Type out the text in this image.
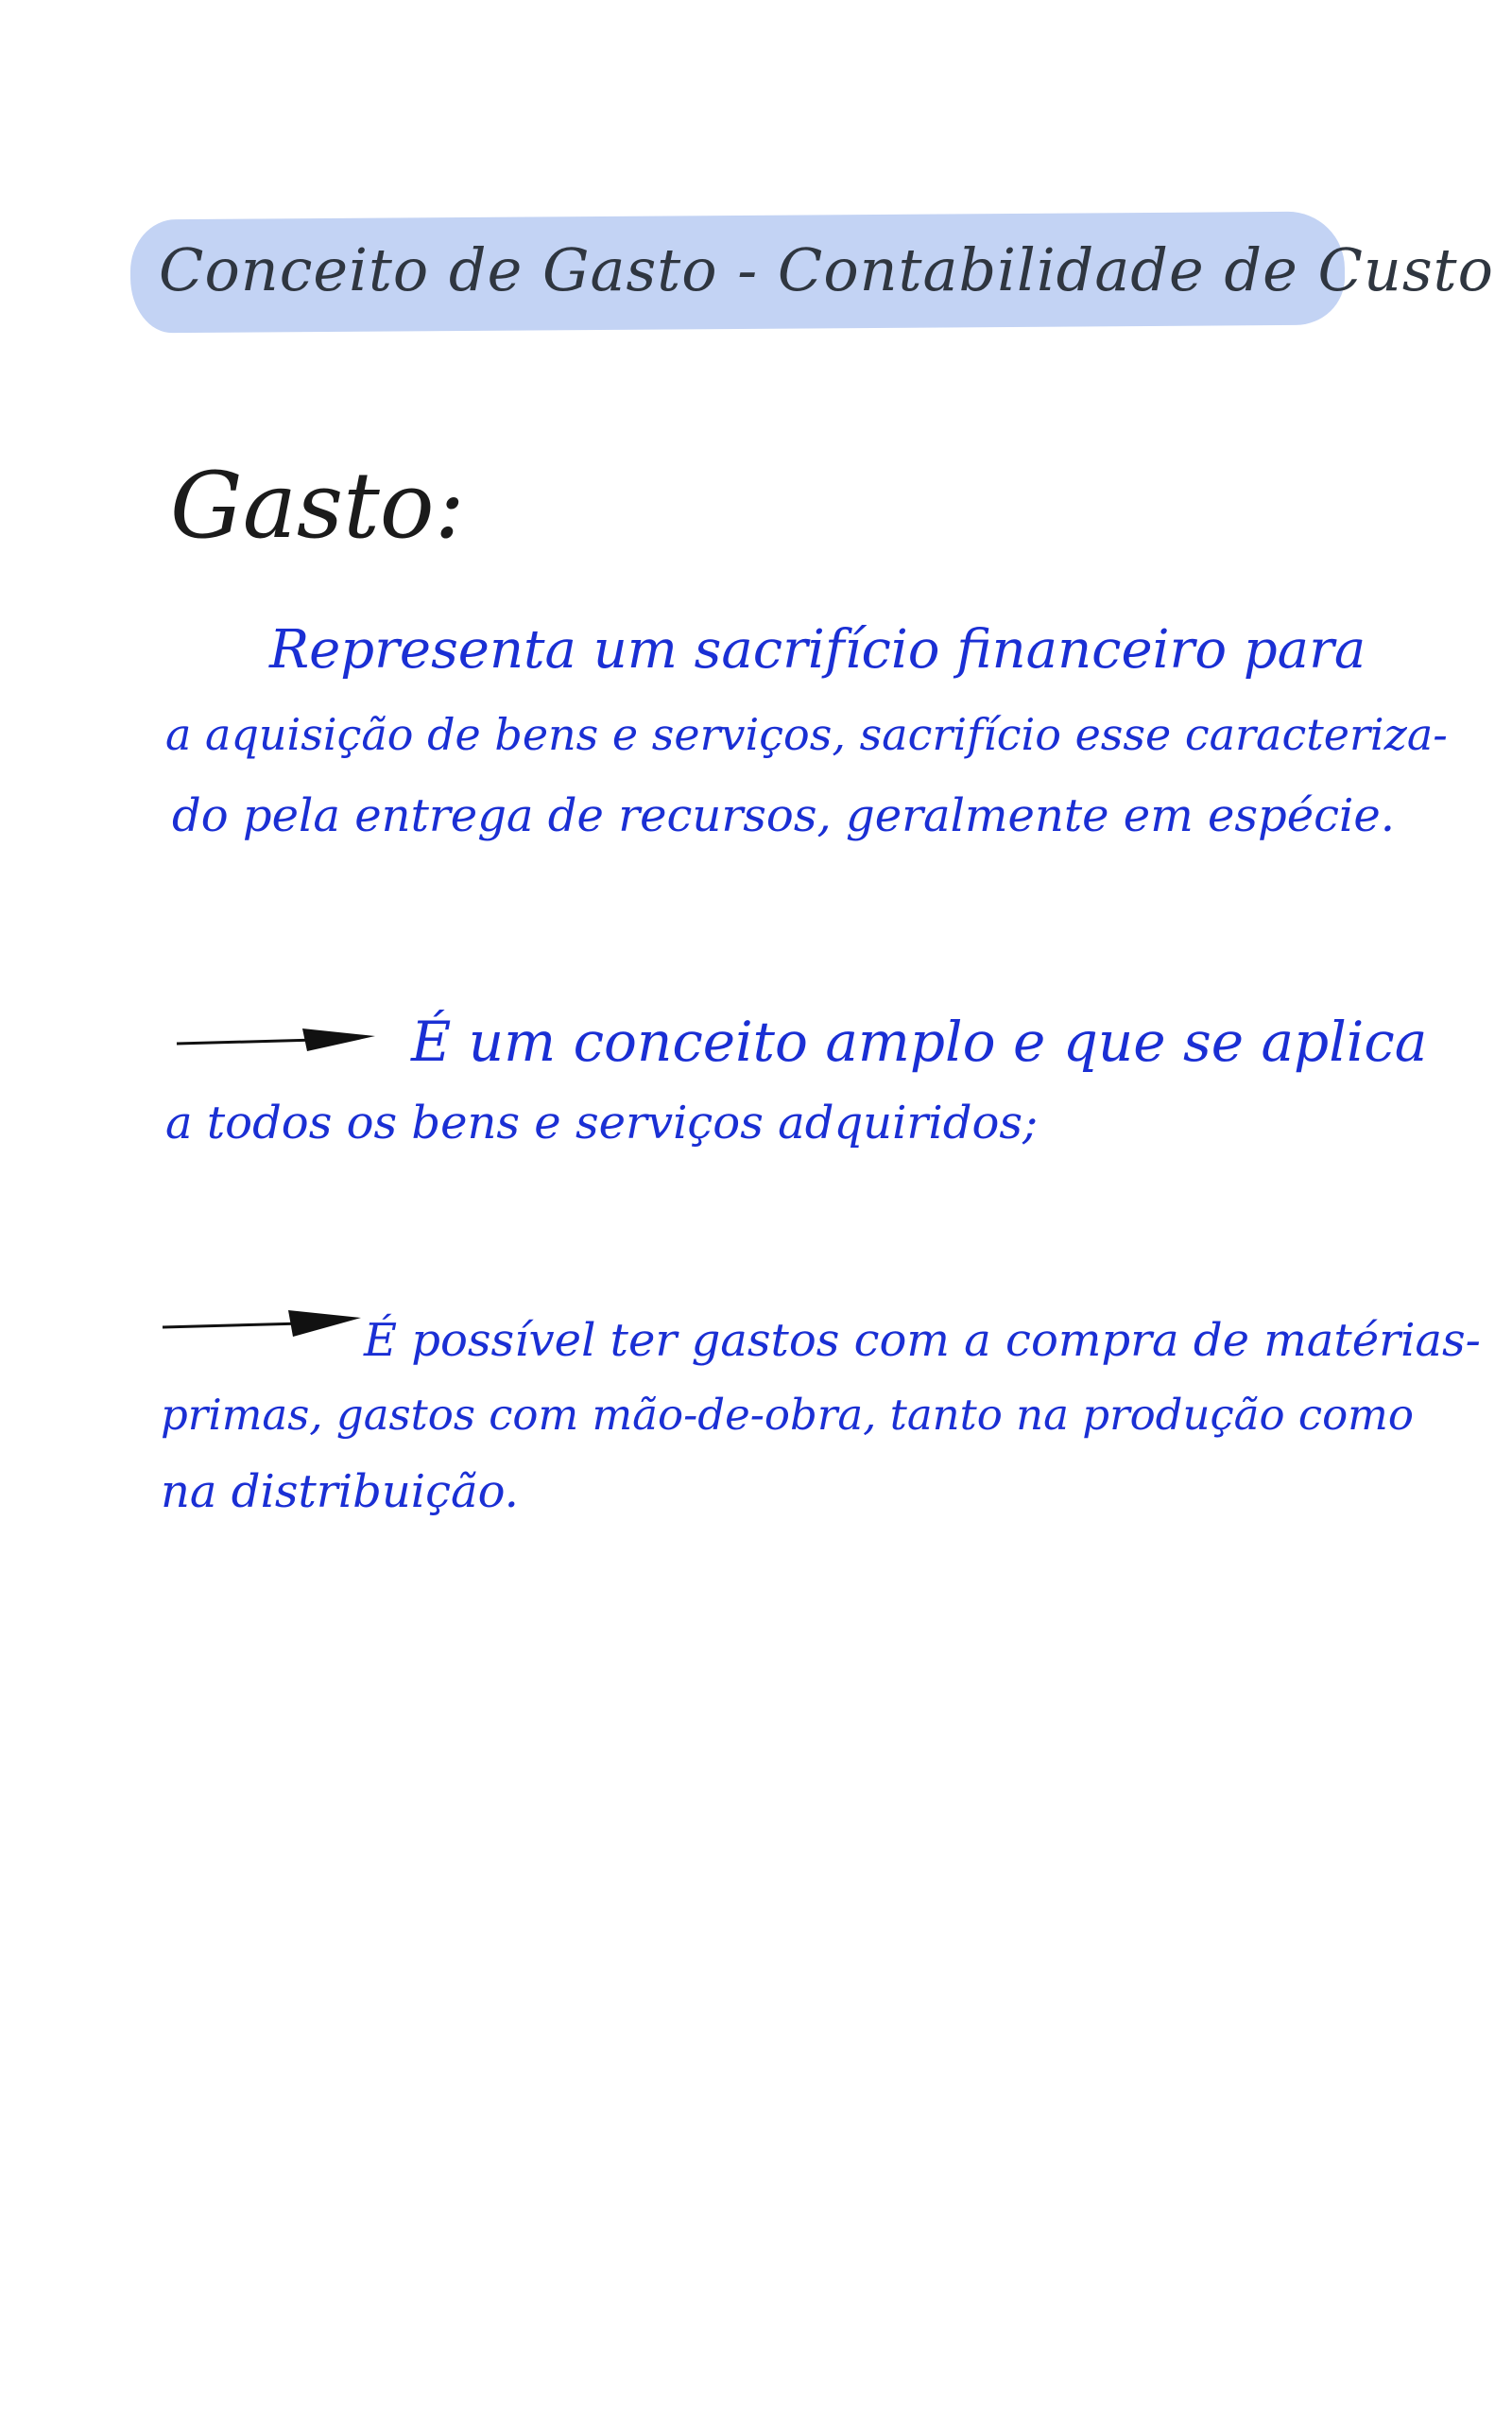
Conceito de Gasto - Contabilidade de Custo
Gasto:
Representa um sacrifício financeiro para
a aquisição de bens e serviços, sacrifício esse caracteriza-
do pela entrega de recursos, geralmente em espécie.
É um conceito amplo e que se aplica
a todos os bens e serviços adquiridos;
É possível ter gastos com a compra de matérias-
primas, gastos com mão-de-obra, tanto na produção como
na distribuição.
